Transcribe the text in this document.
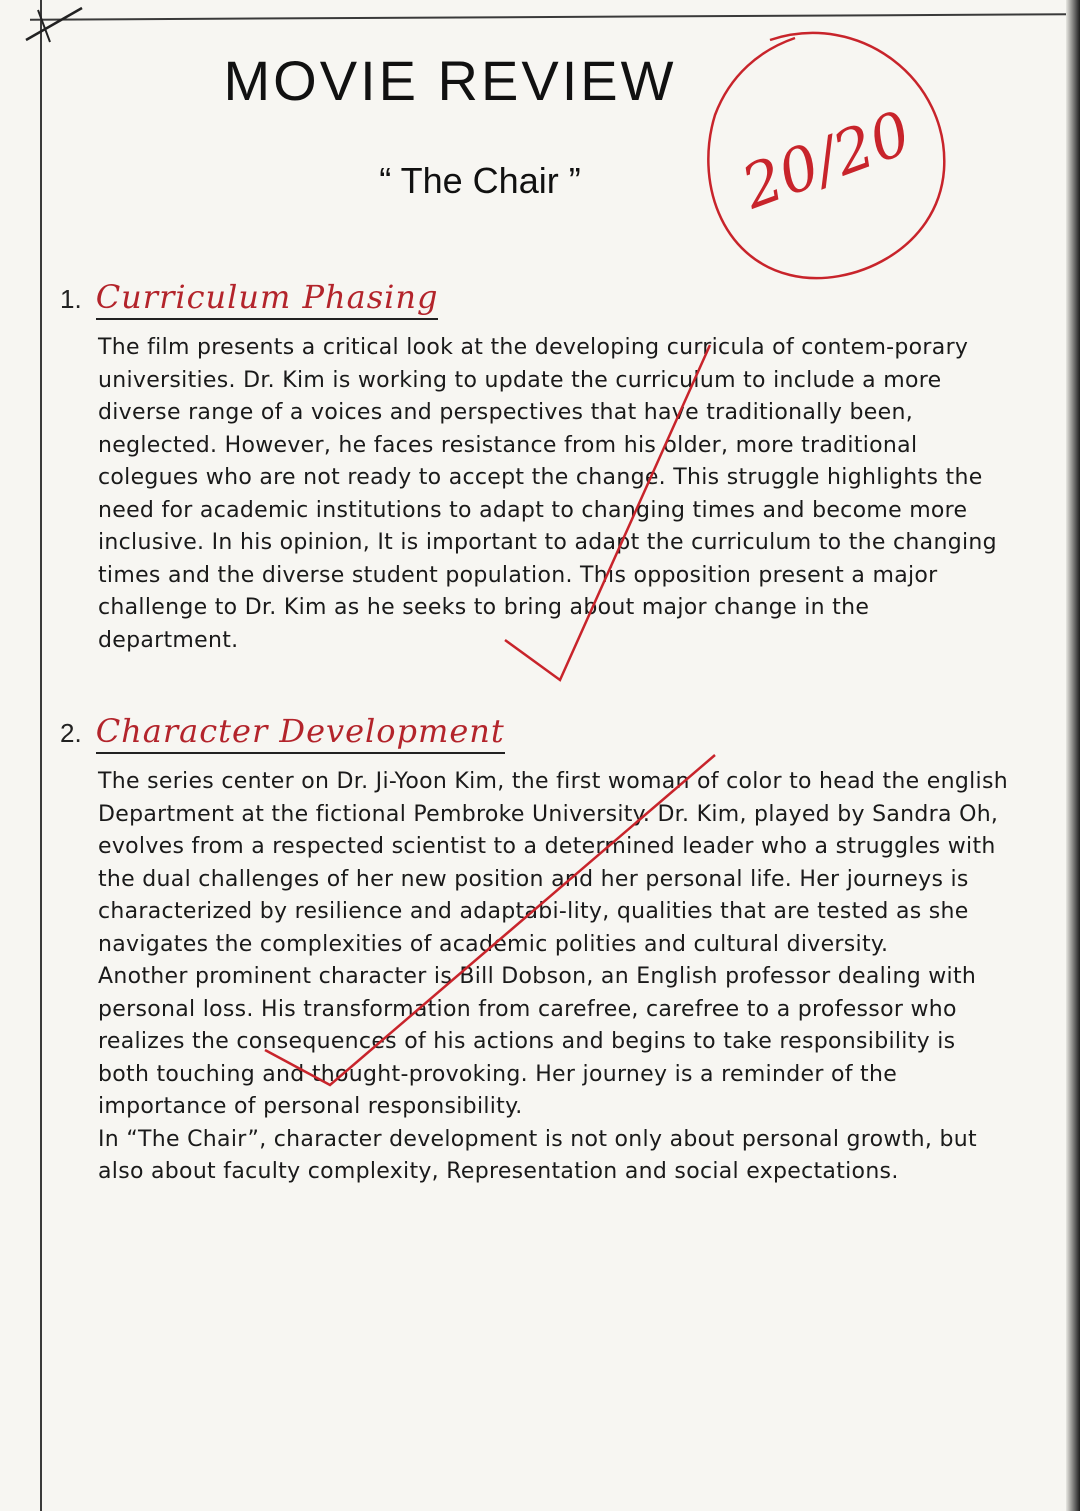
MOVIE REVIEW
“ The Chair ”	20/20
1. Curriculum Phasing

The film presents a critical look at the developing curricula of contem-porary universities. Dr. Kim is working to update the curriculum to include a more diverse range of a voices and perspectives that have traditionally been, neglected. However, he faces resistance from his older, more traditional colegues who are not ready to accept the change. This struggle highlights the need for academic institutions to adapt to changing times and become more inclusive. In his opinion, It is important to adapt the curriculum to the changing times and the diverse student population. This opposition present a major challenge to Dr. Kim as he seeks to bring about major change in the department.

2. Character Development

The series center on Dr. Ji-Yoon Kim, the first woman of color to head the english Department at the fictional Pembroke University. Dr. Kim, played by Sandra Oh, evolves from a respected scientist to a determined leader who a struggles with the dual challenges of her new position and her personal life. Her journeys is characterized by resilience and adaptabi-lity, qualities that are tested as she navigates the complexities of academic polities and cultural diversity.

Another prominent character is Bill Dobson, an English professor dealing with personal loss. His transformation from carefree, carefree to a professor who realizes the consequences of his actions and begins to take responsibility is both touching and thought-provoking. Her journey is a reminder of the importance of personal responsibility.

In “The Chair”, character development is not only about personal growth, but also about faculty complexity, Representation and social expectations.
